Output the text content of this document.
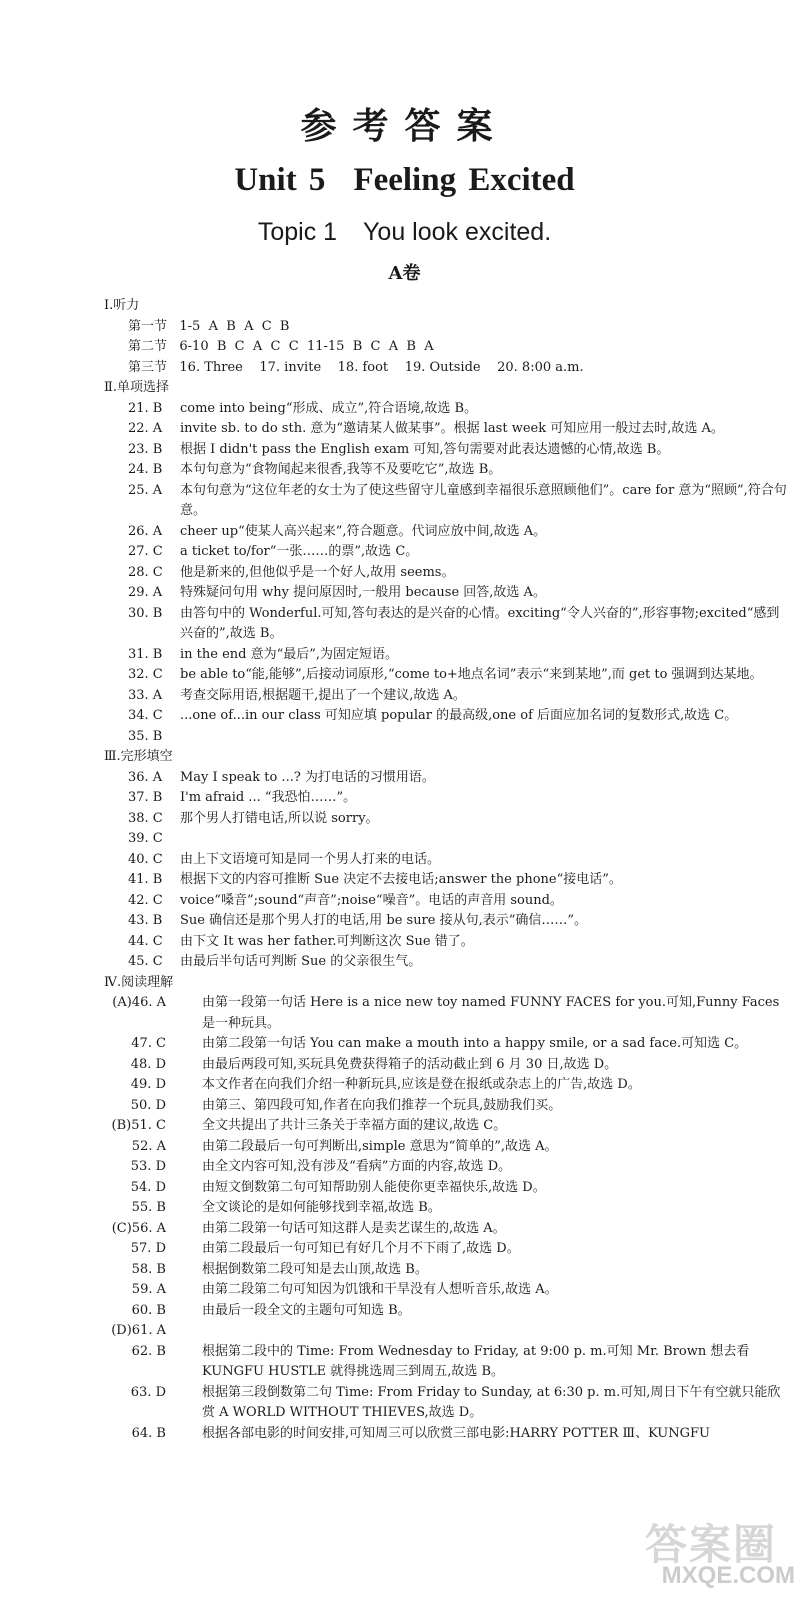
参考答案
Unit 5 Feeling Excited
Topic 1 You look excited.
A卷
Ⅰ.听力
第一节   1-5  A  B  A  C  B
第二节   6-10  B  C  A  C  C  11-15  B  C  A  B  A
第三节   16. Three    17. invite    18. foot    19. Outside    20. 8:00 a.m.
Ⅱ.单项选择
21. B	come into being“形成、成立”,符合语境,故选 B。
22. A	invite sb. to do sth. 意为“邀请某人做某事”。根据 last week 可知应用一般过去时,故选 A。
23. B	根据 I didn't pass the English exam 可知,答句需要对此表达遗憾的心情,故选 B。
24. B	本句句意为“食物闻起来很香,我等不及要吃它”,故选 B。
25. A	本句句意为“这位年老的女士为了使这些留守儿童感到幸福很乐意照顾他们”。care for 意为“照顾”,符合句意。
26. A	cheer up“使某人高兴起来”,符合题意。代词应放中间,故选 A。
27. C	a ticket to/for“一张……的票”,故选 C。
28. C	他是新来的,但他似乎是一个好人,故用 seems。
29. A	特殊疑问句用 why 提问原因时,一般用 because 回答,故选 A。
30. B	由答句中的 Wonderful.可知,答句表达的是兴奋的心情。exciting“令人兴奋的”,形容事物;excited“感到兴奋的”,故选 B。
31. B	in the end 意为“最后”,为固定短语。
32. C	be able to“能,能够”,后接动词原形,“come to+地点名词”表示“来到某地”,而 get to 强调到达某地。
33. A	考查交际用语,根据题干,提出了一个建议,故选 A。
34. C	...one of...in our class 可知应填 popular 的最高级,one of 后面应加名词的复数形式,故选 C。
35. B
Ⅲ.完形填空
36. A	May I speak to ...? 为打电话的习惯用语。
37. B	I'm afraid ... “我恐怕……”。
38. C	那个男人打错电话,所以说 sorry。
39. C
40. C	由上下文语境可知是同一个男人打来的电话。
41. B	根据下文的内容可推断 Sue 决定不去接电话;answer the phone“接电话”。
42. C	voice“嗓音”;sound“声音”;noise“噪音”。电话的声音用 sound。
43. B	Sue 确信还是那个男人打的电话,用 be sure 接从句,表示“确信……”。
44. C	由下文 It was her father.可判断这次 Sue 错了。
45. C	由最后半句话可判断 Sue 的父亲很生气。
Ⅳ.阅读理解
(A)46. A	由第一段第一句话 Here is a nice new toy named FUNNY FACES for you.可知,Funny Faces 是一种玩具。
47. C	由第二段第一句话 You can make a mouth into a happy smile, or a sad face.可知选 C。
48. D	由最后两段可知,买玩具免费获得箱子的活动截止到 6 月 30 日,故选 D。
49. D	本文作者在向我们介绍一种新玩具,应该是登在报纸或杂志上的广告,故选 D。
50. D	由第三、第四段可知,作者在向我们推荐一个玩具,鼓励我们买。
(B)51. C	全文共提出了共计三条关于幸福方面的建议,故选 C。
52. A	由第二段最后一句可判断出,simple 意思为“简单的”,故选 A。
53. D	由全文内容可知,没有涉及“看病”方面的内容,故选 D。
54. D	由短文倒数第二句可知帮助别人能使你更幸福快乐,故选 D。
55. B	全文谈论的是如何能够找到幸福,故选 B。
(C)56. A	由第二段第一句话可知这群人是卖艺谋生的,故选 A。
57. D	由第二段最后一句可知已有好几个月不下雨了,故选 D。
58. B	根据倒数第二段可知是去山顶,故选 B。
59. A	由第二段第二句可知因为饥饿和干旱没有人想听音乐,故选 A。
60. B	由最后一段全文的主题句可知选 B。
(D)61. A
62. B	根据第二段中的 Time: From Wednesday to Friday, at 9:00 p. m.可知 Mr. Brown 想去看 KUNGFU HUSTLE 就得挑选周三到周五,故选 B。
63. D	根据第三段倒数第二句 Time: From Friday to Sunday, at 6:30 p. m.可知,周日下午有空就只能欣赏 A WORLD WITHOUT THIEVES,故选 D。
64. B	根据各部电影的时间安排,可知周三可以欣赏三部电影:HARRY POTTER Ⅲ、KUNGFU
答案圈
MXQE.COM
